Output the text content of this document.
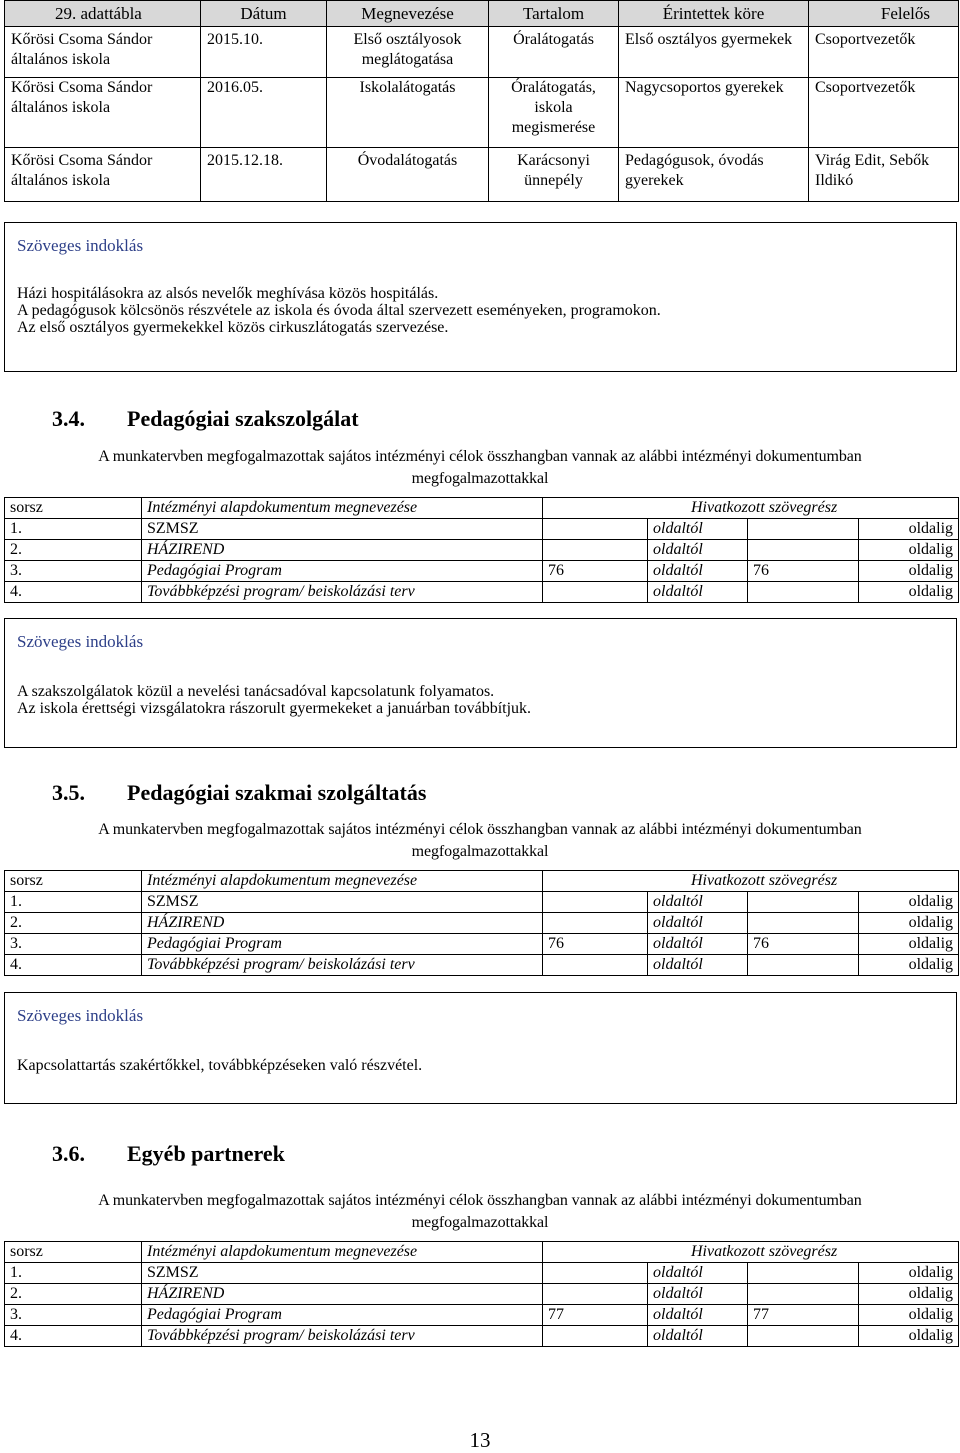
29. adattábla	Dátum	Megnevezése	Tartalom	Érintettek köre	Felelős
Kőrösi Csoma Sándor általános iskola	2015.10.	Első osztályosok meglátogatása	Óralátogatás	Első osztályos gyermekek	Csoportvezetők
Kőrösi Csoma Sándor általános iskola	2016.05.	Iskolalátogatás	Óralátogatás, iskola megismerése	Nagycsoportos gyerekek	Csoportvezetők
Kőrösi Csoma Sándor általános iskola	2015.12.18.	Óvodalátogatás	Karácsonyi ünnepély	Pedagógusok, óvodás gyerekek	Virág Edit, Sebők Ildikó
Szöveges indoklás
Házi hospitálásokra az alsós nevelők meghívása közös hospitálás.
A pedagógusok kölcsönös részvétele az iskola és óvoda által szervezett eseményeken, programokon.
Az első osztályos gyermekekkel közös cirkuszlátogatás szervezése.
3.4. Pedagógiai szakszolgálat
A munkatervben megfogalmazottak sajátos intézményi célok összhangban vannak az alábbi intézményi dokumentumban
megfogalmazottakkal
sorsz	Intézményi alapdokumentum megnevezése	Hivatkozott szövegrész			
1.	SZMSZ		oldaltól		oldalig
2.	HÁZIREND		oldaltól		oldalig
3.	Pedagógiai Program	76	oldaltól	76	oldalig
4.	Továbbképzési program/ beiskolázási terv		oldaltól		oldalig
Szöveges indoklás
A szakszolgálatok közül a nevelési tanácsadóval kapcsolatunk folyamatos.
Az iskola érettségi vizsgálatokra rászorult gyermekeket a januárban továbbítjuk.
3.5. Pedagógiai szakmai szolgáltatás
A munkatervben megfogalmazottak sajátos intézményi célok összhangban vannak az alábbi intézményi dokumentumban
megfogalmazottakkal
sorsz	Intézményi alapdokumentum megnevezése	Hivatkozott szövegrész			
1.	SZMSZ		oldaltól		oldalig
2.	HÁZIREND		oldaltól		oldalig
3.	Pedagógiai Program	76	oldaltól	76	oldalig
4.	Továbbképzési program/ beiskolázási terv		oldaltól		oldalig
Szöveges indoklás
Kapcsolattartás szakértőkkel, továbbképzéseken való részvétel.
3.6. Egyéb partnerek
A munkatervben megfogalmazottak sajátos intézményi célok összhangban vannak az alábbi intézményi dokumentumban
megfogalmazottakkal
sorsz	Intézményi alapdokumentum megnevezése	Hivatkozott szövegrész			
1.	SZMSZ		oldaltól		oldalig
2.	HÁZIREND		oldaltól		oldalig
3.	Pedagógiai Program	77	oldaltól	77	oldalig
4.	Továbbképzési program/ beiskolázási terv		oldaltól		oldalig
13
